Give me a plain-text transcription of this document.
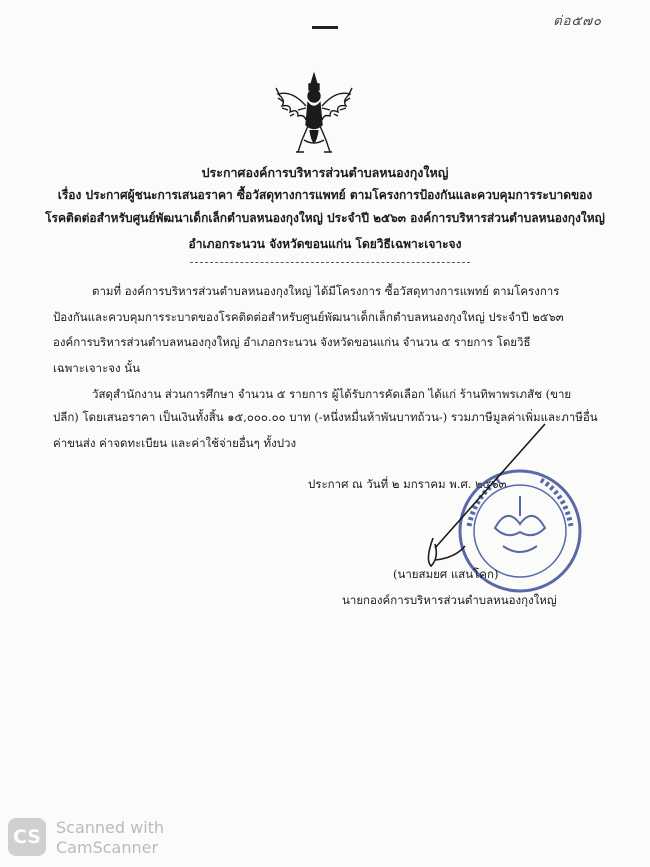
ต่อ๕๗๐
ประกาศองค์การบริหารส่วนตำบลหนองกุงใหญ่
เรื่อง ประกาศผู้ชนะการเสนอราคา ซื้อวัสดุทางการแพทย์ ตามโครงการป้องกันและควบคุมการระบาดของ
โรคติดต่อสำหรับศูนย์พัฒนาเด็กเล็กตำบลหนองกุงใหญ่ ประจำปี ๒๕๖๓ องค์การบริหารส่วนตำบลหนองกุงใหญ่
อำเภอกระนวน จังหวัดขอนแก่น โดยวิธีเฉพาะเจาะจง
ตามที่ องค์การบริหารส่วนตำบลหนองกุงใหญ่ ได้มีโครงการ ซื้อวัสดุทางการแพทย์ ตามโครงการ
ป้องกันและควบคุมการระบาดของโรคติดต่อสำหรับศูนย์พัฒนาเด็กเล็กตำบลหนองกุงใหญ่ ประจำปี ๒๕๖๓
องค์การบริหารส่วนตำบลหนองกุงใหญ่ อำเภอกระนวน จังหวัดขอนแก่น จำนวน ๕ รายการ โดยวิธี
เฉพาะเจาะจง นั้น
วัสดุสำนักงาน ส่วนการศึกษา จำนวน ๕ รายการ ผู้ได้รับการคัดเลือก ได้แก่ ร้านทิพาพรเภสัช (ขาย
ปลีก) โดยเสนอราคา เป็นเงินทั้งสิ้น ๑๕,๐๐๐.๐๐ บาท (-หนึ่งหมื่นห้าพันบาทถ้วน-) รวมภาษีมูลค่าเพิ่มและภาษีอื่น
ค่าขนส่ง ค่าจดทะเบียน และค่าใช้จ่ายอื่นๆ ทั้งปวง
ประกาศ ณ วันที่ ๒ มกราคม พ.ศ. ๒๕๖๓
(นายสมยศ แสนโคก)
นายกองค์การบริหารส่วนตำบลหนองกุงใหญ่
CS Scanned with
CamScanner
